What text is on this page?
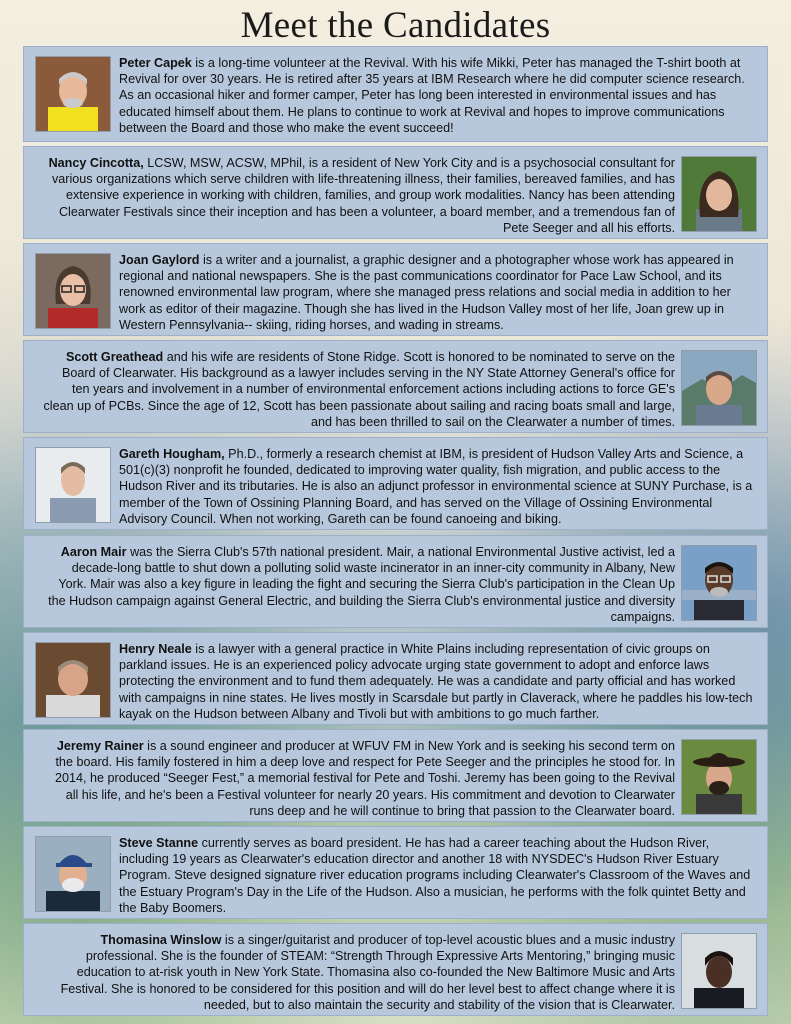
Meet the Candidates

Peter Capek is a long-time volunteer at the Revival. With his wife Mikki, Peter has managed the T-shirt booth at Revival for over 30 years. He is retired after 35 years at IBM Research where he did computer science research. As an occasional hiker and former camper, Peter has long been interested in environmental issues and has educated himself about them. He plans to continue to work at Revival and hopes to improve communications between the Board and those who make the event succeed!

Nancy Cincotta, LCSW, MSW, ACSW, MPhil, is a resident of New York City and is a psychosocial consultant for various organizations which serve children with life-threatening illness, their families, bereaved families, and has extensive experience in working with children, families, and group work modalities. Nancy has been attending Clearwater Festivals since their inception and has been a volunteer, a board member, and a tremendous fan of Pete Seeger and all his efforts.

Joan Gaylord is a writer and a journalist, a graphic designer and a photographer whose work has appeared in regional and national newspapers. She is the past communications coordinator for Pace Law School, and its renowned environmental law program, where she managed press relations and social media in addition to her work as editor of their magazine. Though she has lived in the Hudson Valley most of her life, Joan grew up in Western Pennsylvania-- skiing, riding horses, and wading in streams.

Scott Greathead and his wife are residents of Stone Ridge. Scott is honored to be nominated to serve on the Board of Clearwater. His background as a lawyer includes serving in the NY State Attorney General's office for ten years and involvement in a number of environmental enforcement actions including actions to force GE's clean up of PCBs. Since the age of 12, Scott has been passionate about sailing and racing boats small and large, and has been thrilled to sail on the Clearwater a number of times.

Gareth Hougham, Ph.D., formerly a research chemist at IBM, is president of Hudson Valley Arts and Science, a 501(c)(3) nonprofit he founded, dedicated to improving water quality, fish migration, and public access to the Hudson River and its tributaries. He is also an adjunct professor in environmental science at SUNY Purchase, is a member of the Town of Ossining Planning Board, and has served on the Village of Ossining Environmental Advisory Council. When not working, Gareth can be found canoeing and biking.

Aaron Mair was the Sierra Club's 57th national president. Mair, a national Environmental Justive activist, led a decade-long battle to shut down a polluting solid waste incinerator in an inner-city community in Albany, New York. Mair was also a key figure in leading the fight and securing the Sierra Club's participation in the Clean Up the Hudson campaign against General Electric, and building the Sierra Club's environmental justice and diversity campaigns.

Henry Neale is a lawyer with a general practice in White Plains including representation of civic groups on parkland issues. He is an experienced policy advocate urging state government to adopt and enforce laws protecting the environment and to fund them adequately. He was a candidate and party official and has worked with campaigns in nine states. He lives mostly in Scarsdale but partly in Claverack, where he paddles his low-tech kayak on the Hudson between Albany and Tivoli but with ambitions to go much farther.

Jeremy Rainer is a sound engineer and producer at WFUV FM in New York and is seeking his second term on the board. His family fostered in him a deep love and respect for Pete Seeger and the principles he stood for. In 2014, he produced “Seeger Fest,” a memorial festival for Pete and Toshi. Jeremy has been going to the Revival all his life, and he's been a Festival volunteer for nearly 20 years. His commitment and devotion to Clearwater runs deep and he will continue to bring that passion to the Clearwater board.

Steve Stanne currently serves as board president. He has had a career teaching about the Hudson River, including 19 years as Clearwater's education director and another 18 with NYSDEC's Hudson River Estuary Program. Steve designed signature river education programs including Clearwater's Classroom of the Waves and the Estuary Program's Day in the Life of the Hudson. Also a musician, he performs with the folk quintet Betty and the Baby Boomers.

Thomasina Winslow is a singer/guitarist and producer of top-level acoustic blues and a music industry professional. She is the founder of STEAM: “Strength Through Expressive Arts Mentoring,” bringing music education to at-risk youth in New York State. Thomasina also co-founded the New Baltimore Music and Arts Festival. She is honored to be considered for this position and will do her level best to affect change where it is needed, but to also maintain the security and stability of the vision that is Clearwater.
